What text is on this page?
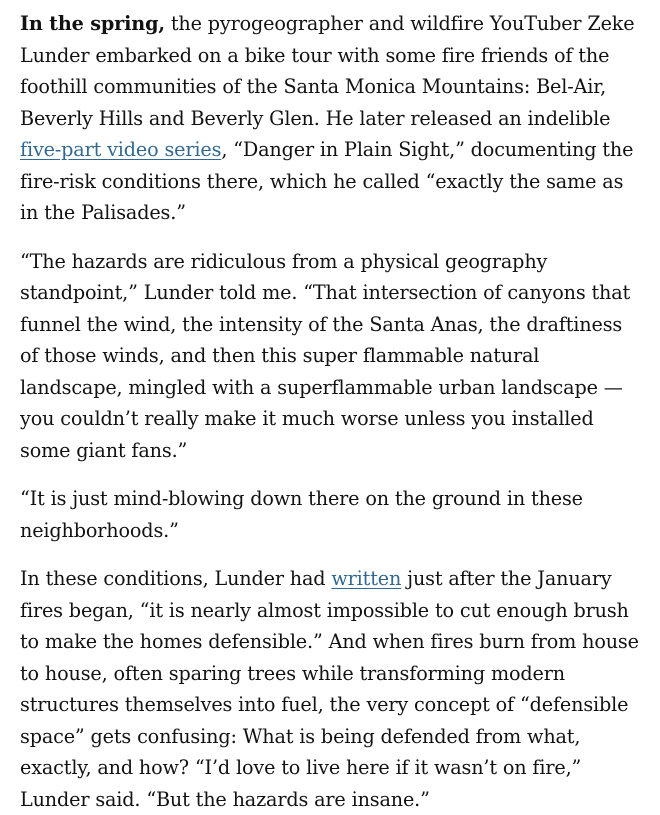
In the spring, the pyrogeographer and wildfire YouTuber Zeke Lunder embarked on a bike tour with some fire friends of the foothill communities of the Santa Monica Mountains: Bel-Air, Beverly Hills and Beverly Glen. He later released an indelible five-part video series, “Danger in Plain Sight,” documenting the fire-risk conditions there, which he called “exactly the same as in the Palisades.”

“The hazards are ridiculous from a physical geography standpoint,” Lunder told me. “That intersection of canyons that funnel the wind, the intensity of the Santa Anas, the draftiness of those winds, and then this super flammable natural landscape, mingled with a superflammable urban landscape — you couldn’t really make it much worse unless you installed some giant fans.”

“It is just mind-blowing down there on the ground in these neighborhoods.”

In these conditions, Lunder had written just after the January fires began, “it is nearly almost impossible to cut enough brush to make the homes defensible.” And when fires burn from house to house, often sparing trees while transforming modern structures themselves into fuel, the very concept of “defensible space” gets confusing: What is being defended from what, exactly, and how? “I’d love to live here if it wasn’t on fire,” Lunder said. “But the hazards are insane.”
